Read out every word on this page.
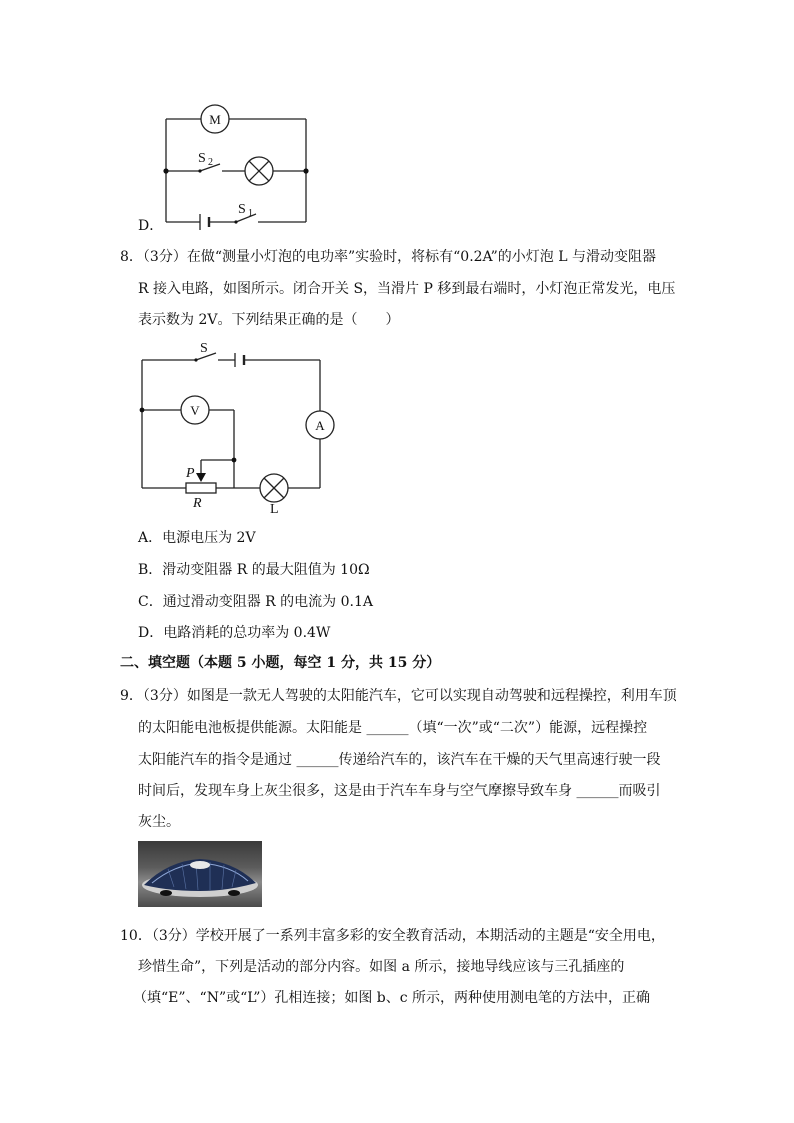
M
S 2
S 1
D．
8．（3分）在做“测量小灯泡的电功率”实验时，将标有“0.2A”的小灯泡 L 与滑动变阻器
R 接入电路，如图所示。闭合开关 S，当滑片 P 移到最右端时，小灯泡正常发光，电压
表示数为 2V。下列结果正确的是（　　）
S
V
A
P
R	L
A．电源电压为 2V
B．滑动变阻器 R 的最大阻值为 10Ω
C．通过滑动变阻器 R 的电流为 0.1A
D．电路消耗的总功率为 0.4W
二、填空题（本题 5 小题，每空 1 分，共 15 分）
9．（3分）如图是一款无人驾驶的太阳能汽车，它可以实现自动驾驶和远程操控，利用车顶
的太阳能电池板提供能源。太阳能是 ______（填“一次”或“二次”）能源，远程操控
太阳能汽车的指令是通过 ______传递给汽车的，该汽车在干燥的天气里高速行驶一段
时间后，发现车身上灰尘很多，这是由于汽车车身与空气摩擦导致车身 ______而吸引
灰尘。
10．（3分）学校开展了一系列丰富多彩的安全教育活动，本期活动的主题是“安全用电，
珍惜生命”，下列是活动的部分内容。如图 a 所示，接地导线应该与三孔插座的
（填“E”、“N”或“L”）孔相连接；如图 b、c 所示，两种使用测电笔的方法中，正确
